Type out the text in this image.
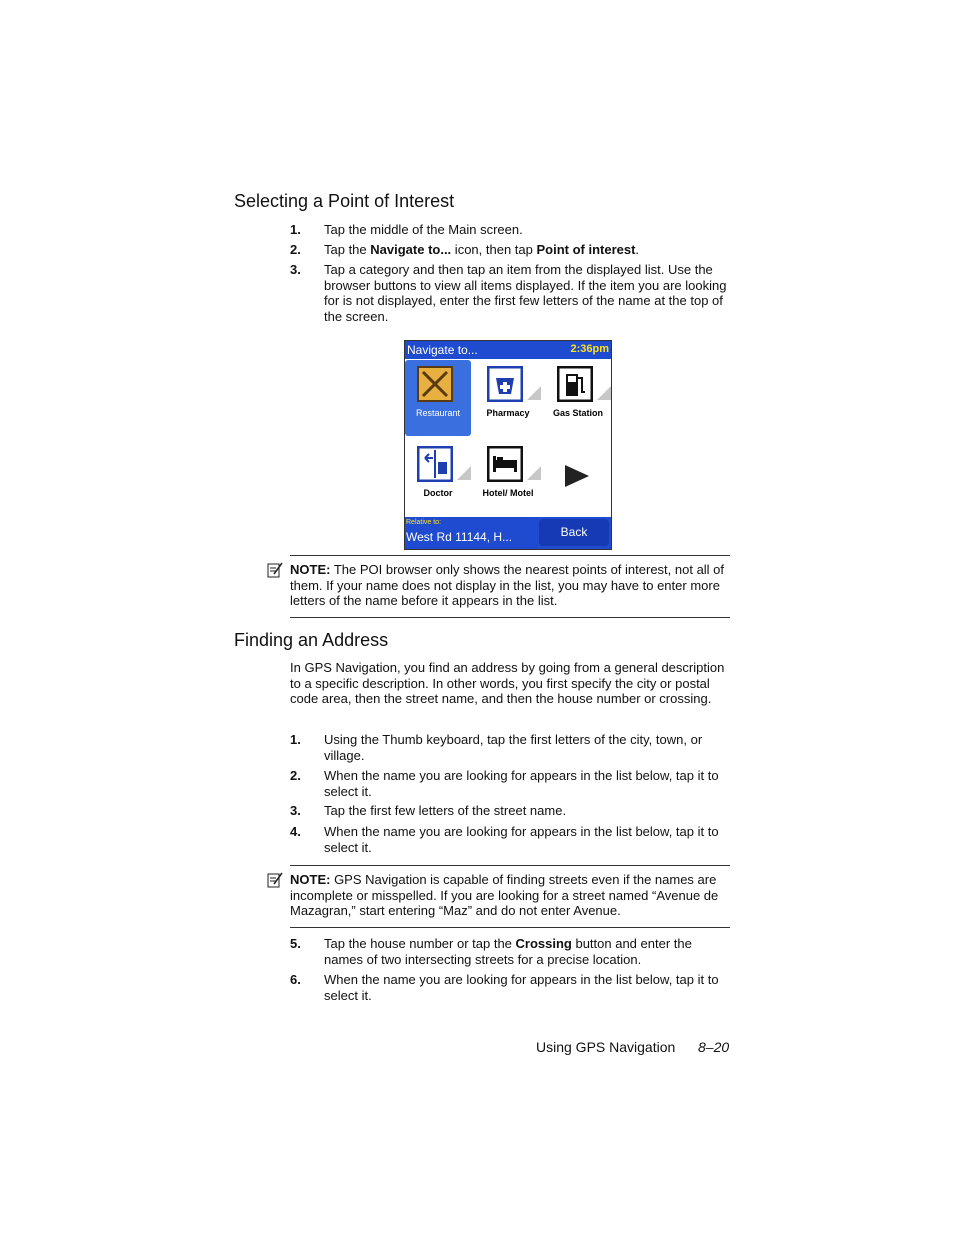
Selecting a Point of Interest
1. Tap the middle of the Main screen.
2. Tap the Navigate to... icon, then tap Point of interest.
3. Tap a category and then tap an item from the displayed list. Use the browser buttons to view all items displayed. If the item you are looking for is not displayed, enter the first few letters of the name at the top of the screen.
Navigate to...	2:36pm
Restaurant	Pharmacy	Gas Station
Doctor	Hotel/ Motel
Relative to:
West Rd 11144, H...	Back
NOTE: The POI browser only shows the nearest points of interest, not all of them. If your name does not display in the list, you may have to enter more letters of the name before it appears in the list.
Finding an Address
In GPS Navigation, you find an address by going from a general description to a specific description. In other words, you first specify the city or postal code area, then the street name, and then the house number or crossing.
1. Using the Thumb keyboard, tap the first letters of the city, town, or village.
2. When the name you are looking for appears in the list below, tap it to select it.
3. Tap the first few letters of the street name.
4. When the name you are looking for appears in the list below, tap it to select it.
NOTE: GPS Navigation is capable of finding streets even if the names are incomplete or misspelled. If you are looking for a street named “Avenue de Mazagran,” start entering “Maz” and do not enter Avenue.
5. Tap the house number or tap the Crossing button and enter the names of two intersecting streets for a precise location.
6. When the name you are looking for appears in the list below, tap it to select it.
Using GPS Navigation 8–20
